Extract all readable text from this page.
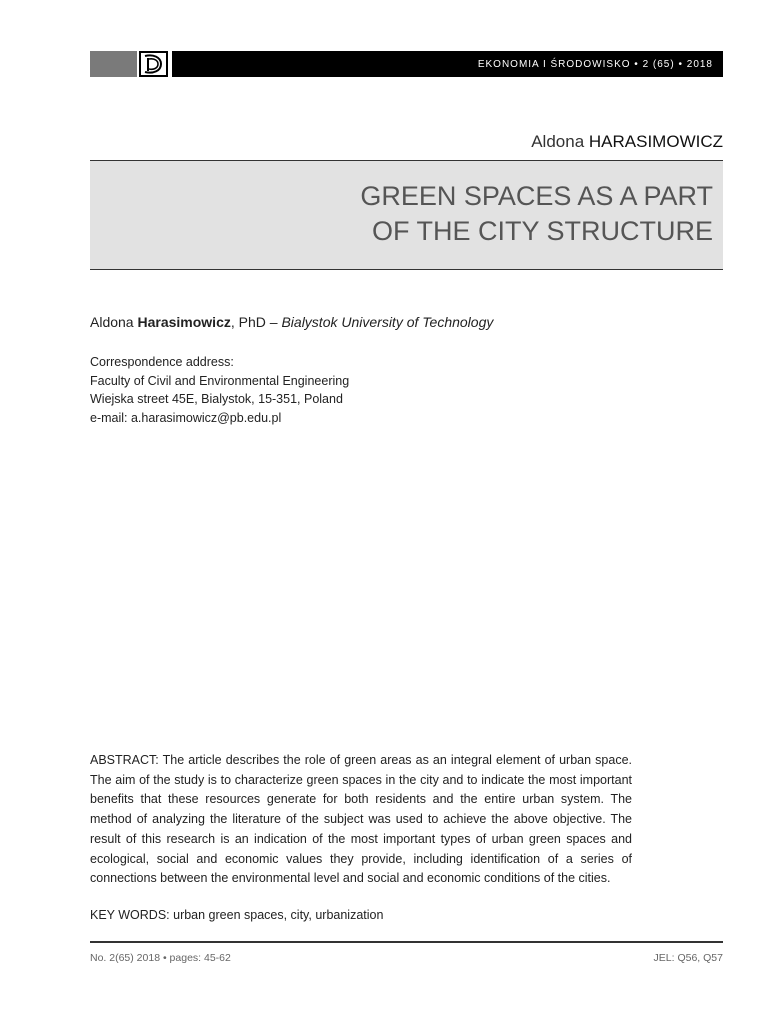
EKONOMIA I ŚRODOWISKO • 2 (65) • 2018
Aldona HARASIMOWICZ
GREEN SPACES AS A PART
OF THE CITY STRUCTURE
Aldona Harasimowicz, PhD – Bialystok University of Technology
Correspondence address:
Faculty of Civil and Environmental Engineering
Wiejska street 45E, Bialystok, 15-351, Poland
e-mail: a.harasimowicz@pb.edu.pl
ABSTRACT: The article describes the role of green areas as an integral element of urban space. The aim of the study is to characterize green spaces in the city and to indicate the most important benefits that these resources generate for both residents and the entire urban system. The method of analyzing the literature of the subject was used to achieve the above objective. The result of this research is an indication of the most important types of urban green spaces and ecological, social and economic values they provide, including identification of a series of connections between the environmental level and social and economic conditions of the cities.
KEY WORDS: urban green spaces, city, urbanization
No. 2(65) 2018 • pages: 45-62	JEL: Q56, Q57
